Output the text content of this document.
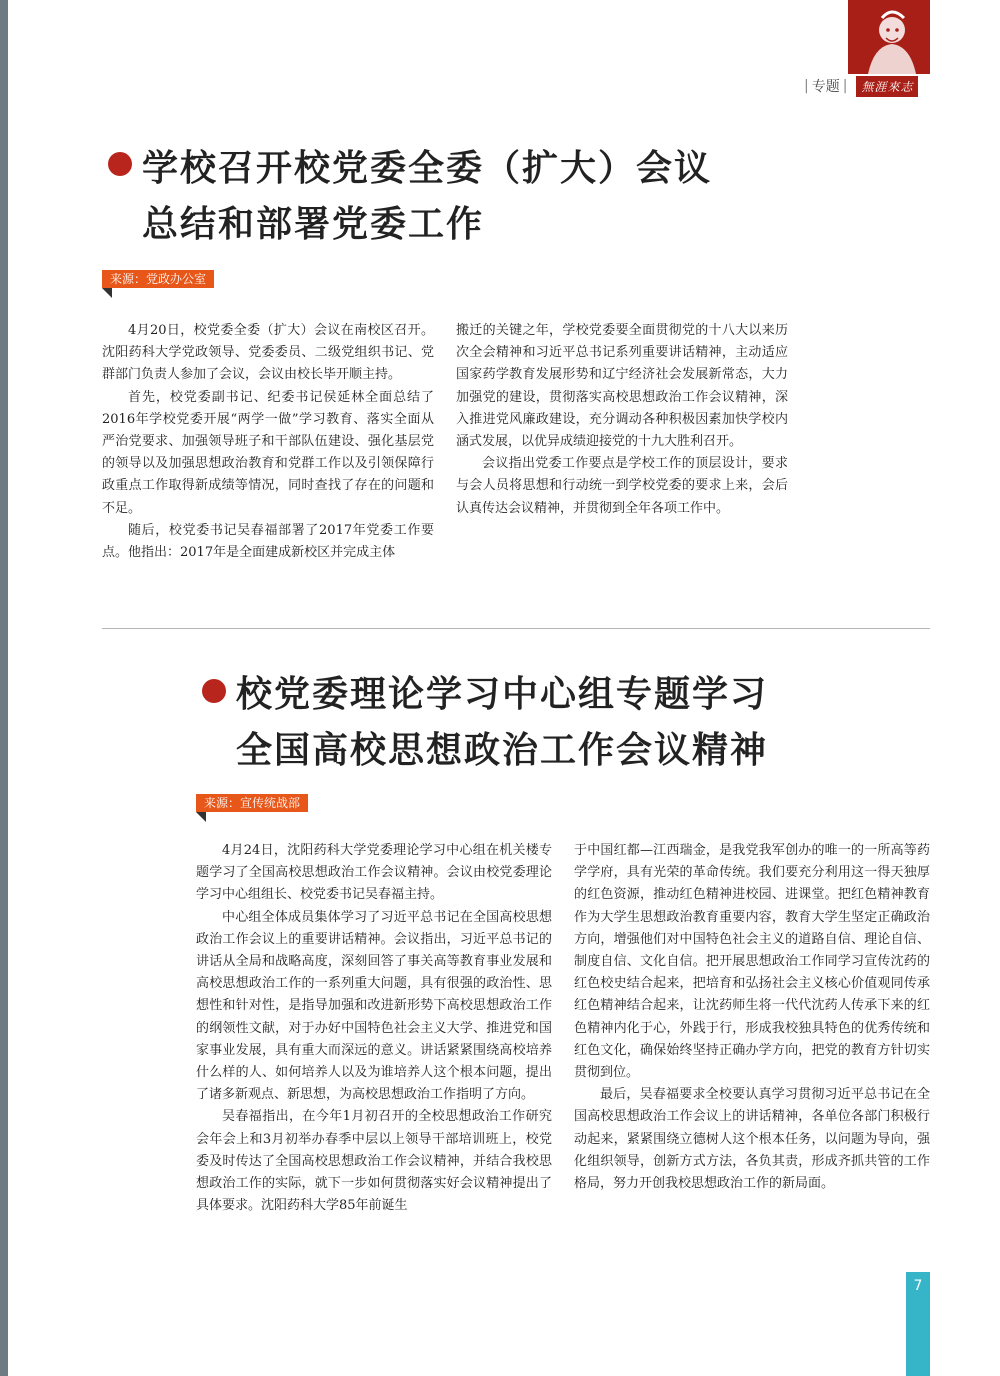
| 专题 |	無涯來志
学校召开校党委全委（扩大）会议
总结和部署党委工作
来源：党政办公室

4月20日，校党委全委（扩大）会议在南校区召开。沈阳药科大学党政领导、党委委员、二级党组织书记、党群部门负责人参加了会议，会议由校长毕开顺主持。

首先，校党委副书记、纪委书记侯延林全面总结了2016年学校党委开展“两学一做”学习教育、落实全面从严治党要求、加强领导班子和干部队伍建设、强化基层党的领导以及加强思想政治教育和党群工作以及引领保障行政重点工作取得新成绩等情况，同时查找了存在的问题和不足。

随后，校党委书记吴春福部署了2017年党委工作要点。他指出：2017年是全面建成新校区并完成主体

搬迁的关键之年，学校党委要全面贯彻党的十八大以来历次全会精神和习近平总书记系列重要讲话精神，主动适应国家药学教育发展形势和辽宁经济社会发展新常态，大力加强党的建设，贯彻落实高校思想政治工作会议精神，深入推进党风廉政建设，充分调动各种积极因素加快学校内涵式发展，以优异成绩迎接党的十九大胜利召开。

会议指出党委工作要点是学校工作的顶层设计，要求与会人员将思想和行动统一到学校党委的要求上来，会后认真传达会议精神，并贯彻到全年各项工作中。

校党委理论学习中心组专题学习
全国高校思想政治工作会议精神
来源：宣传统战部

4月24日，沈阳药科大学党委理论学习中心组在机关楼专题学习了全国高校思想政治工作会议精神。会议由校党委理论学习中心组组长、校党委书记吴春福主持。

中心组全体成员集体学习了习近平总书记在全国高校思想政治工作会议上的重要讲话精神。会议指出，习近平总书记的讲话从全局和战略高度，深刻回答了事关高等教育事业发展和高校思想政治工作的一系列重大问题，具有很强的政治性、思想性和针对性，是指导加强和改进新形势下高校思想政治工作的纲领性文献，对于办好中国特色社会主义大学、推进党和国家事业发展，具有重大而深远的意义。讲话紧紧围绕高校培养什么样的人、如何培养人以及为谁培养人这个根本问题，提出了诸多新观点、新思想，为高校思想政治工作指明了方向。

吴春福指出，在今年1月初召开的全校思想政治工作研究会年会上和3月初举办春季中层以上领导干部培训班上，校党委及时传达了全国高校思想政治工作会议精神，并结合我校思想政治工作的实际，就下一步如何贯彻落实好会议精神提出了具体要求。沈阳药科大学85年前诞生

于中国红都—江西瑞金，是我党我军创办的唯一的一所高等药学学府，具有光荣的革命传统。我们要充分利用这一得天独厚的红色资源，推动红色精神进校园、进课堂。把红色精神教育作为大学生思想政治教育重要内容，教育大学生坚定正确政治方向，增强他们对中国特色社会主义的道路自信、理论自信、制度自信、文化自信。把开展思想政治工作同学习宣传沈药的红色校史结合起来，把培育和弘扬社会主义核心价值观同传承红色精神结合起来，让沈药师生将一代代沈药人传承下来的红色精神内化于心，外践于行，形成我校独具特色的优秀传统和红色文化，确保始终坚持正确办学方向，把党的教育方针切实贯彻到位。

最后，吴春福要求全校要认真学习贯彻习近平总书记在全国高校思想政治工作会议上的讲话精神，各单位各部门积极行动起来，紧紧围绕立德树人这个根本任务，以问题为导向，强化组织领导，创新方式方法，各负其责，形成齐抓共管的工作格局，努力开创我校思想政治工作的新局面。

7
